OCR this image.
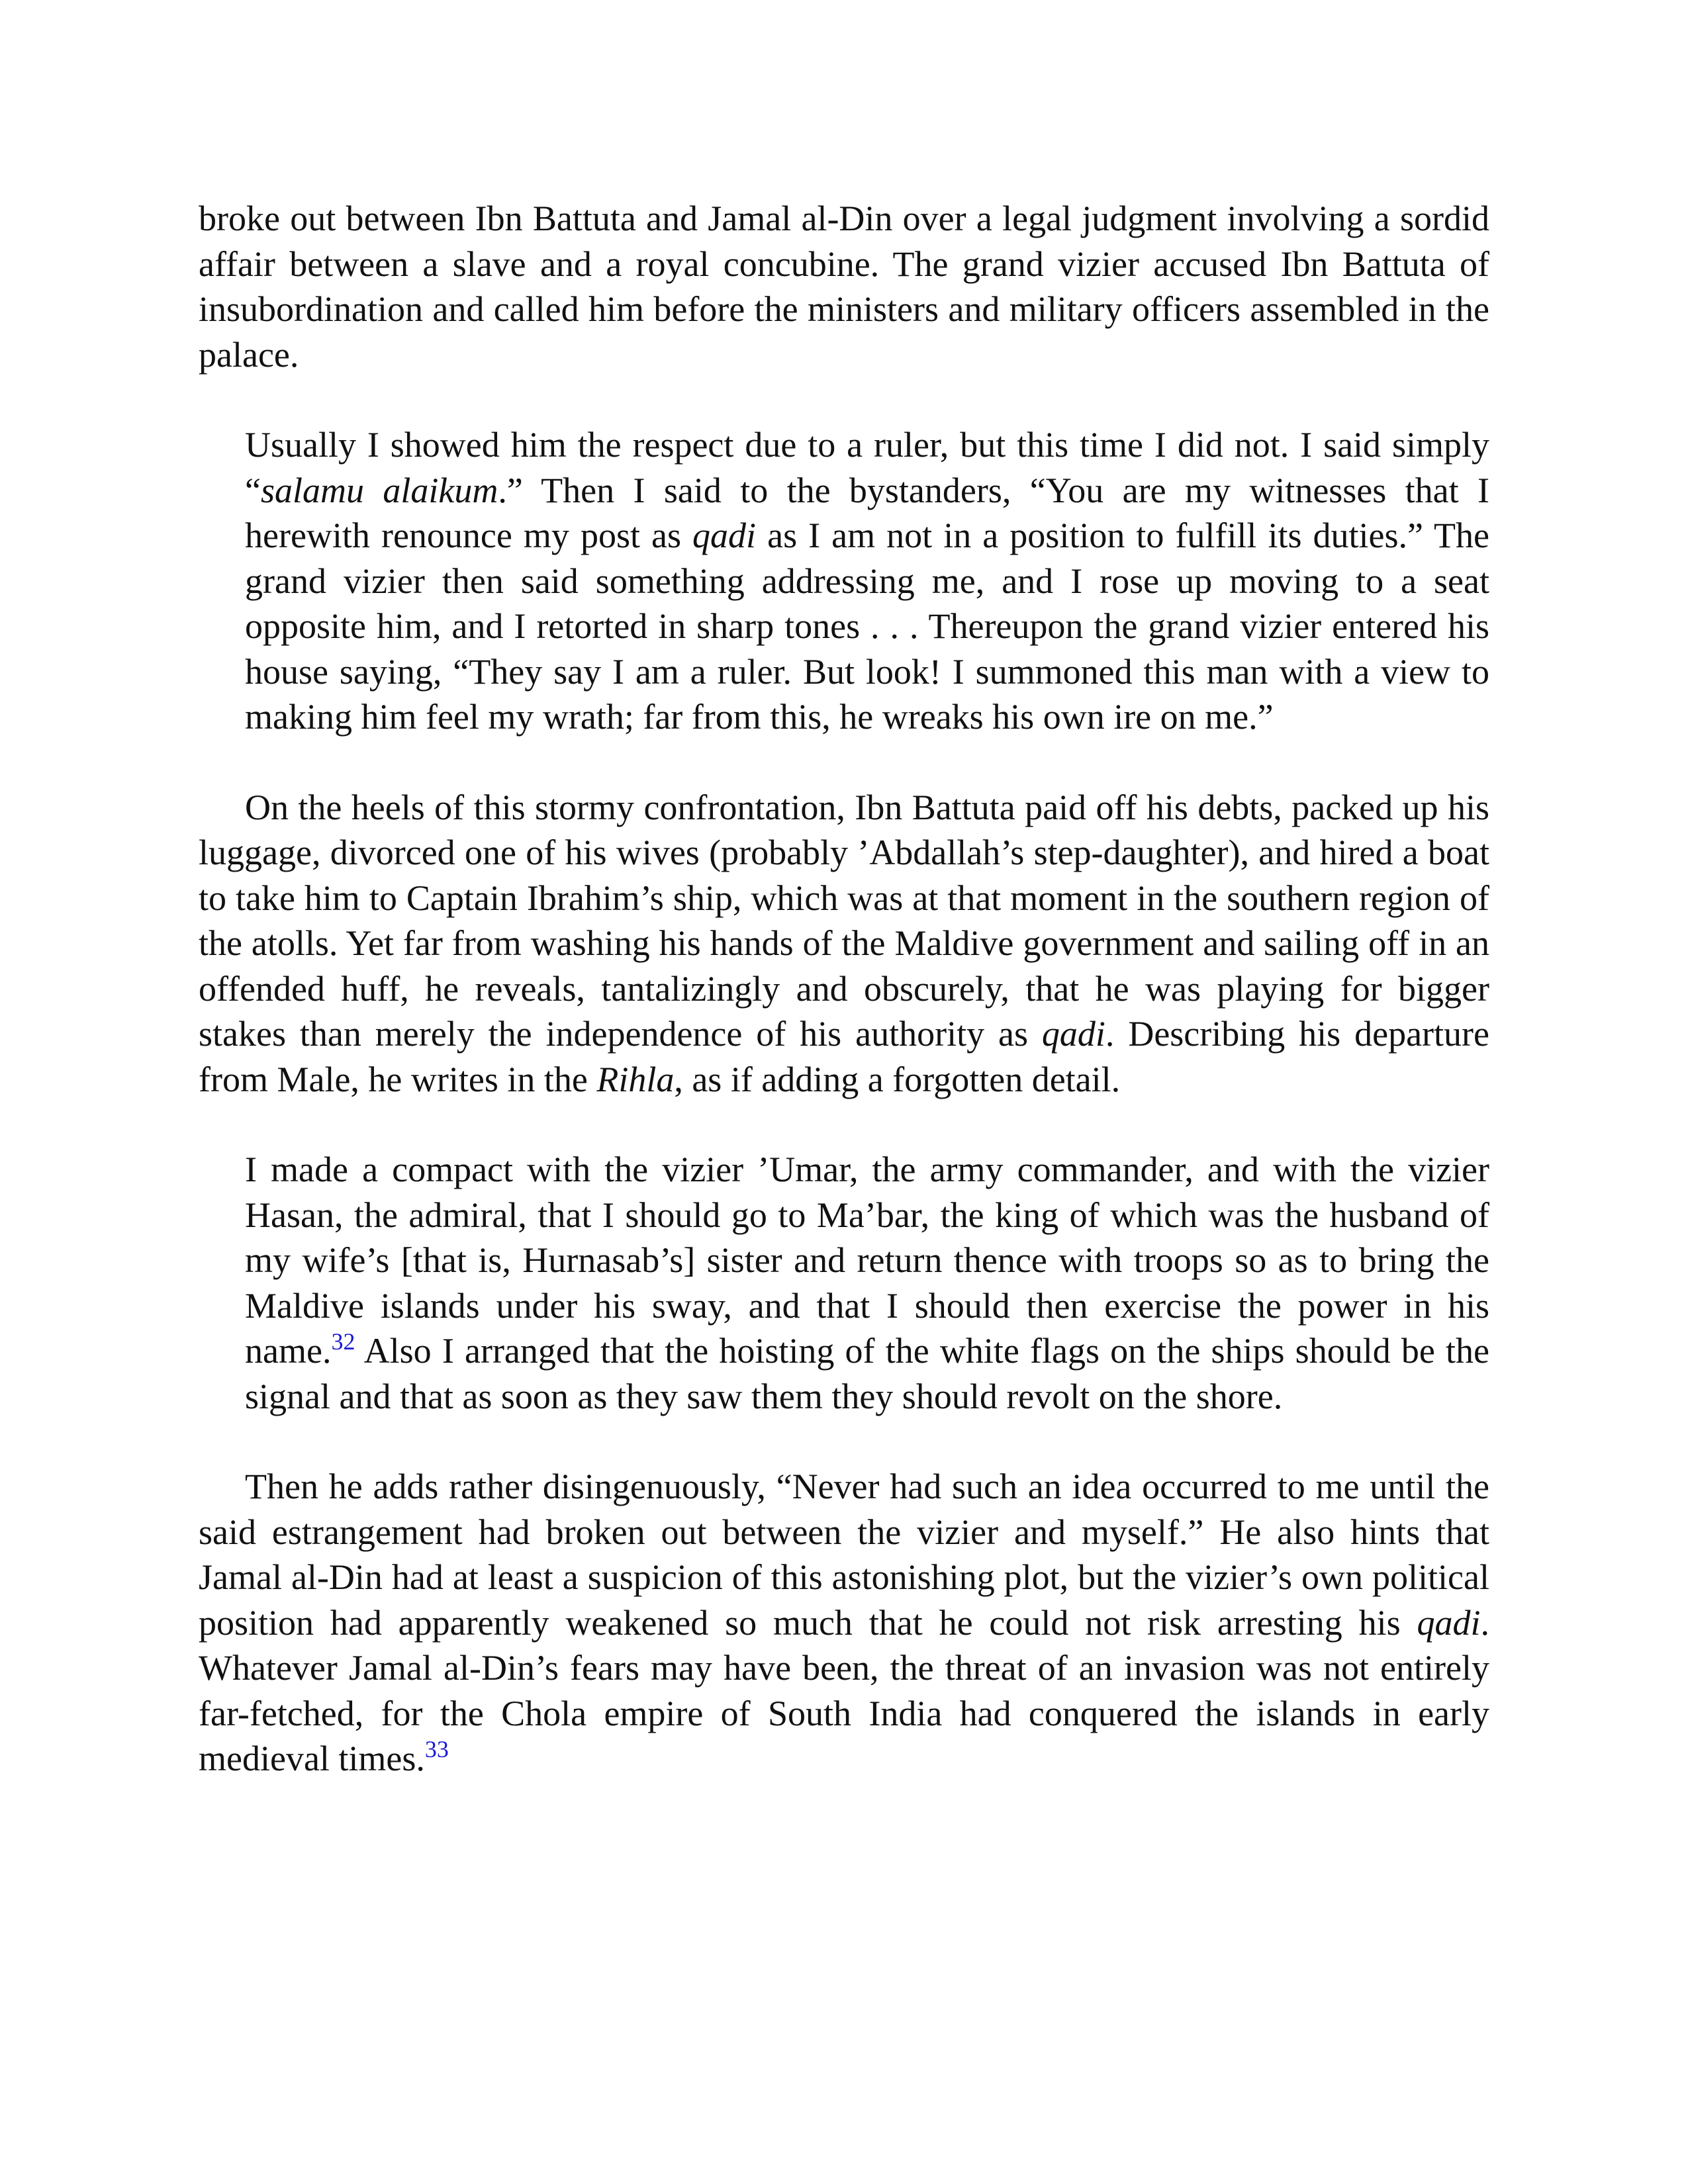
broke out between Ibn Battuta and Jamal al-Din over a legal judgment involving a sordid affair between a slave and a royal concubine. The grand vizier accused Ibn Battuta of insubordination and called him before the ministers and military officers assembled in the palace.

Usually I showed him the respect due to a ruler, but this time I did not. I said simply “salamu alaikum.” Then I said to the bystanders, “You are my witnesses that I herewith renounce my post as qadi as I am not in a position to fulfill its duties.” The grand vizier then said something addressing me, and I rose up moving to a seat opposite him, and I retorted in sharp tones . . . Thereupon the grand vizier entered his house saying, “They say I am a ruler. But look! I summoned this man with a view to making him feel my wrath; far from this, he wreaks his own ire on me.”

On the heels of this stormy confrontation, Ibn Battuta paid off his debts, packed up his luggage, divorced one of his wives (probably ’Abdallah’s step-daughter), and hired a boat to take him to Captain Ibrahim’s ship, which was at that moment in the southern region of the atolls. Yet far from washing his hands of the Maldive government and sailing off in an offended huff, he reveals, tantalizingly and obscurely, that he was playing for bigger stakes than merely the independence of his authority as qadi. Describing his departure from Male, he writes in the Rihla, as if adding a forgotten detail.

I made a compact with the vizier ’Umar, the army commander, and with the vizier Hasan, the admiral, that I should go to Ma’bar, the king of which was the husband of my wife’s [that is, Hurnasab’s] sister and return thence with troops so as to bring the Maldive islands under his sway, and that I should then exercise the power in his name.$^{32}$ Also I arranged that the hoisting of the white flags on the ships should be the signal and that as soon as they saw them they should revolt on the shore.

Then he adds rather disingenuously, “Never had such an idea occurred to me until the said estrangement had broken out between the vizier and myself.” He also hints that Jamal al-Din had at least a suspicion of this astonishing plot, but the vizier’s own political position had apparently weakened so much that he could not risk arresting his qadi. Whatever Jamal al-Din’s fears may have been, the threat of an invasion was not entirely far-fetched, for the Chola empire of South India had conquered the islands in early medieval times.$^{33}$
